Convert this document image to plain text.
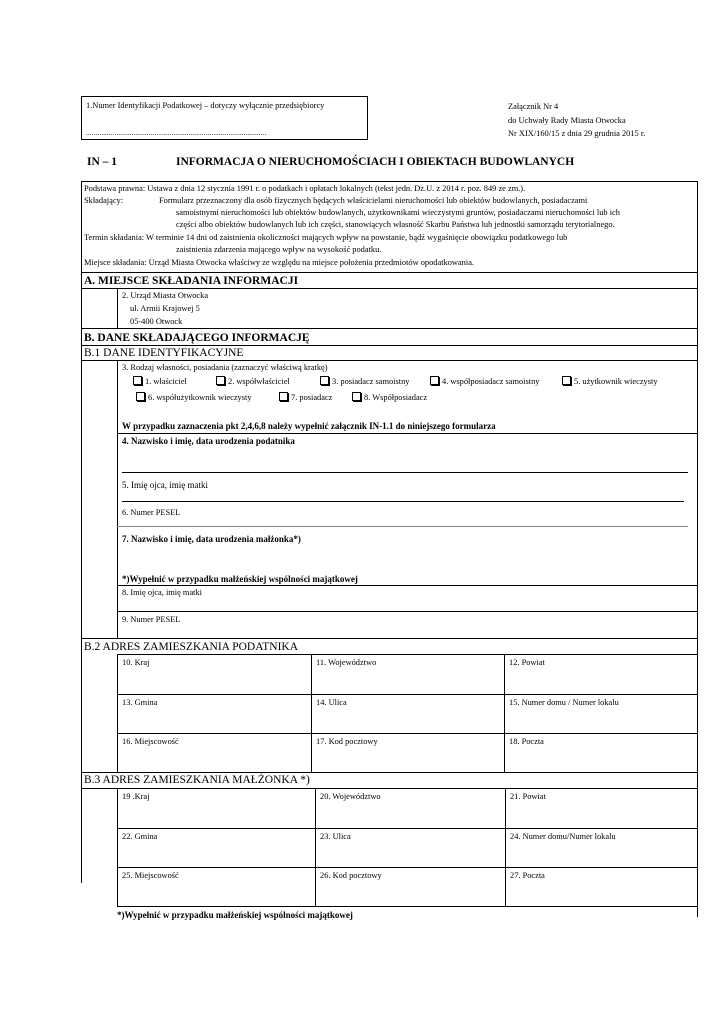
1.Numer Identyfikacji Podatkowej – dotyczy wyłącznie przedsiębiorcy
...............................................................................................
Załącznik Nr 4
do Uchwały Rady Miasta Otwocka
Nr XIX/160/15 z dnia 29 grudnia 2015 r.
IN – 1	INFORMACJA O NIERUCHOMOŚCIACH I OBIEKTACH BUDOWLANYCH
Podstawa prawna: Ustawa z dnia 12 stycznia 1991 r. o podatkach i opłatach lokalnych (tekst jedn. Dz.U. z 2014 r. poz. 849 ze zm.).
Składający:	Formularz przeznaczony dla osób fizycznych będących właścicielami nieruchomości lub obiektów budowlanych, posiadaczami
samoistnymi nieruchomości lub obiektów budowlanych, użytkownikami wieczystymi gruntów, posiadaczami nieruchomości lub ich
części albo obiektów budowlanych lub ich części, stanowiących własność Skarbu Państwa lub jednostki samorządu terytorialnego.
Termin składania: W terminie 14 dni od zaistnienia okoliczności mających wpływ na powstanie, bądź wygaśnięcie obowiązku podatkowego lub
zaistnienia zdarzenia mającego wpływ na wysokość podatku.
Miejsce składania: Urząd Miasta Otwocka właściwy ze względu na miejsce położenia przedmiotów opodatkowania.
A. MIEJSCE SKŁADANIA INFORMACJI
2. Urząd Miasta Otwocka
ul. Armii Krajowej 5
05-400 Otwock
B. DANE SKŁADAJĄCEGO INFORMACJĘ
B.1 DANE IDENTYFIKACYJNE
3. Rodzaj własności, posiadania (zaznaczyć właściwą kratkę)
1. właściciel	2. współwłaściciel	3. posiadacz samoistny	4. współposiadacz samoistny	5. użytkownik wieczysty
6. współużytkownik wieczysty	7. posiadacz	8. Współposiadacz
W przypadku zaznaczenia pkt 2,4,6,8 należy wypełnić załącznik IN-1.1 do niniejszego formularza
4. Nazwisko i imię, data urodzenia podatnika
5. Imię ojca, imię matki
6. Numer PESEL
7. Nazwisko i imię, data urodzenia małżonka*)
*)Wypełnić w przypadku małżeńskiej wspólności majątkowej
8. Imię ojca, imię matki
9. Numer PESEL
B.2 ADRES ZAMIESZKANIA PODATNIKA
10. Kraj	11. Województwo	12. Powiat
13. Gmina	14. Ulica	15. Numer domu / Numer lokalu
16. Miejscowość	17. Kod pocztowy	18. Poczta
B.3 ADRES ZAMIESZKANIA MAŁŻONKA *)
19 .Kraj	20. Województwo	21. Powiat
22. Gmina	23. Ulica	24. Numer domu/Numer lokalu
25. Miejscowość	26. Kod pocztowy	27. Poczta
*)Wypełnić w przypadku małżeńskiej wspólności majątkowej
